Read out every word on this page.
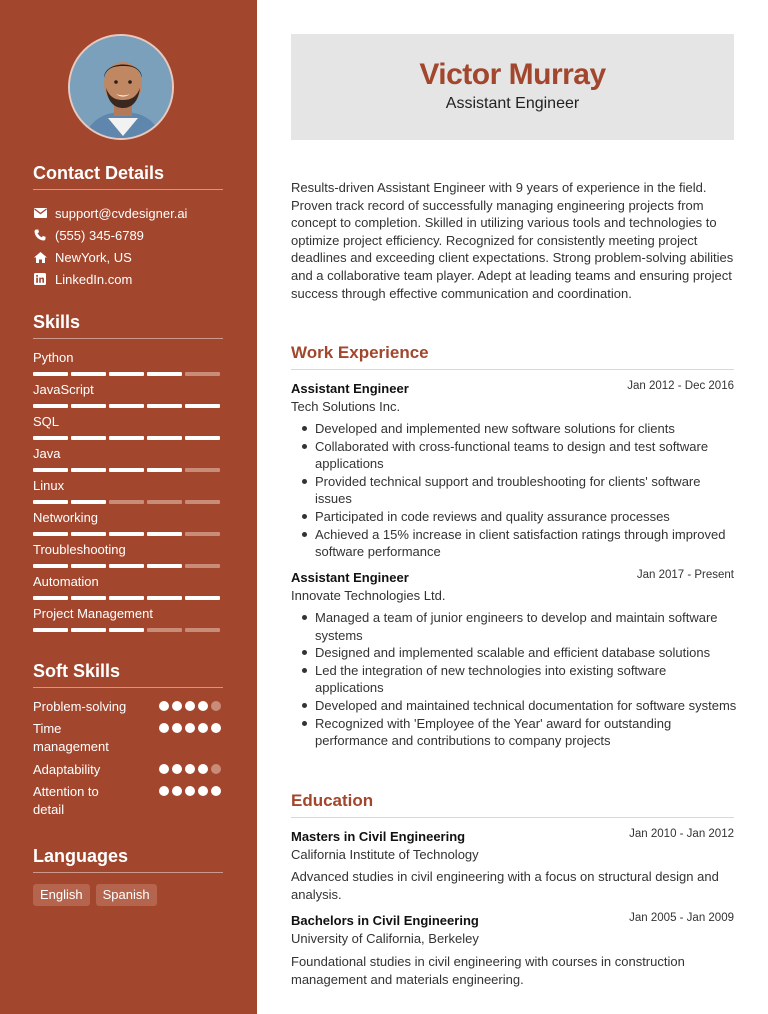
Contact Details
support@cvdesigner.ai
(555) 345-6789
NewYork, US
LinkedIn.com
Skills
Python
JavaScript
SQL
Java
Linux
Networking
Troubleshooting
Automation
Project Management
Soft Skills
Problem-solving
Time management
Adaptability
Attention to detail
Languages
English	Spanish
Victor Murray
Assistant Engineer
Results-driven Assistant Engineer with 9 years of experience in the field. Proven track record of successfully managing engineering projects from concept to completion. Skilled in utilizing various tools and technologies to optimize project efficiency. Recognized for consistently meeting project deadlines and exceeding client expectations. Strong problem-solving abilities and a collaborative team player. Adept at leading teams and ensuring project success through effective communication and coordination.
Work Experience
Assistant Engineer	Jan 2012 - Dec 2016
Tech Solutions Inc.
Developed and implemented new software solutions for clients
Collaborated with cross-functional teams to design and test software applications
Provided technical support and troubleshooting for clients' software issues
Participated in code reviews and quality assurance processes
Achieved a 15% increase in client satisfaction ratings through improved software performance
Assistant Engineer	Jan 2017 - Present
Innovate Technologies Ltd.
Managed a team of junior engineers to develop and maintain software systems
Designed and implemented scalable and efficient database solutions
Led the integration of new technologies into existing software applications
Developed and maintained technical documentation for software systems
Recognized with 'Employee of the Year' award for outstanding performance and contributions to company projects
Education
Masters in Civil Engineering	Jan 2010 - Jan 2012
California Institute of Technology
Advanced studies in civil engineering with a focus on structural design and analysis.
Bachelors in Civil Engineering	Jan 2005 - Jan 2009
University of California, Berkeley
Foundational studies in civil engineering with courses in construction management and materials engineering.
